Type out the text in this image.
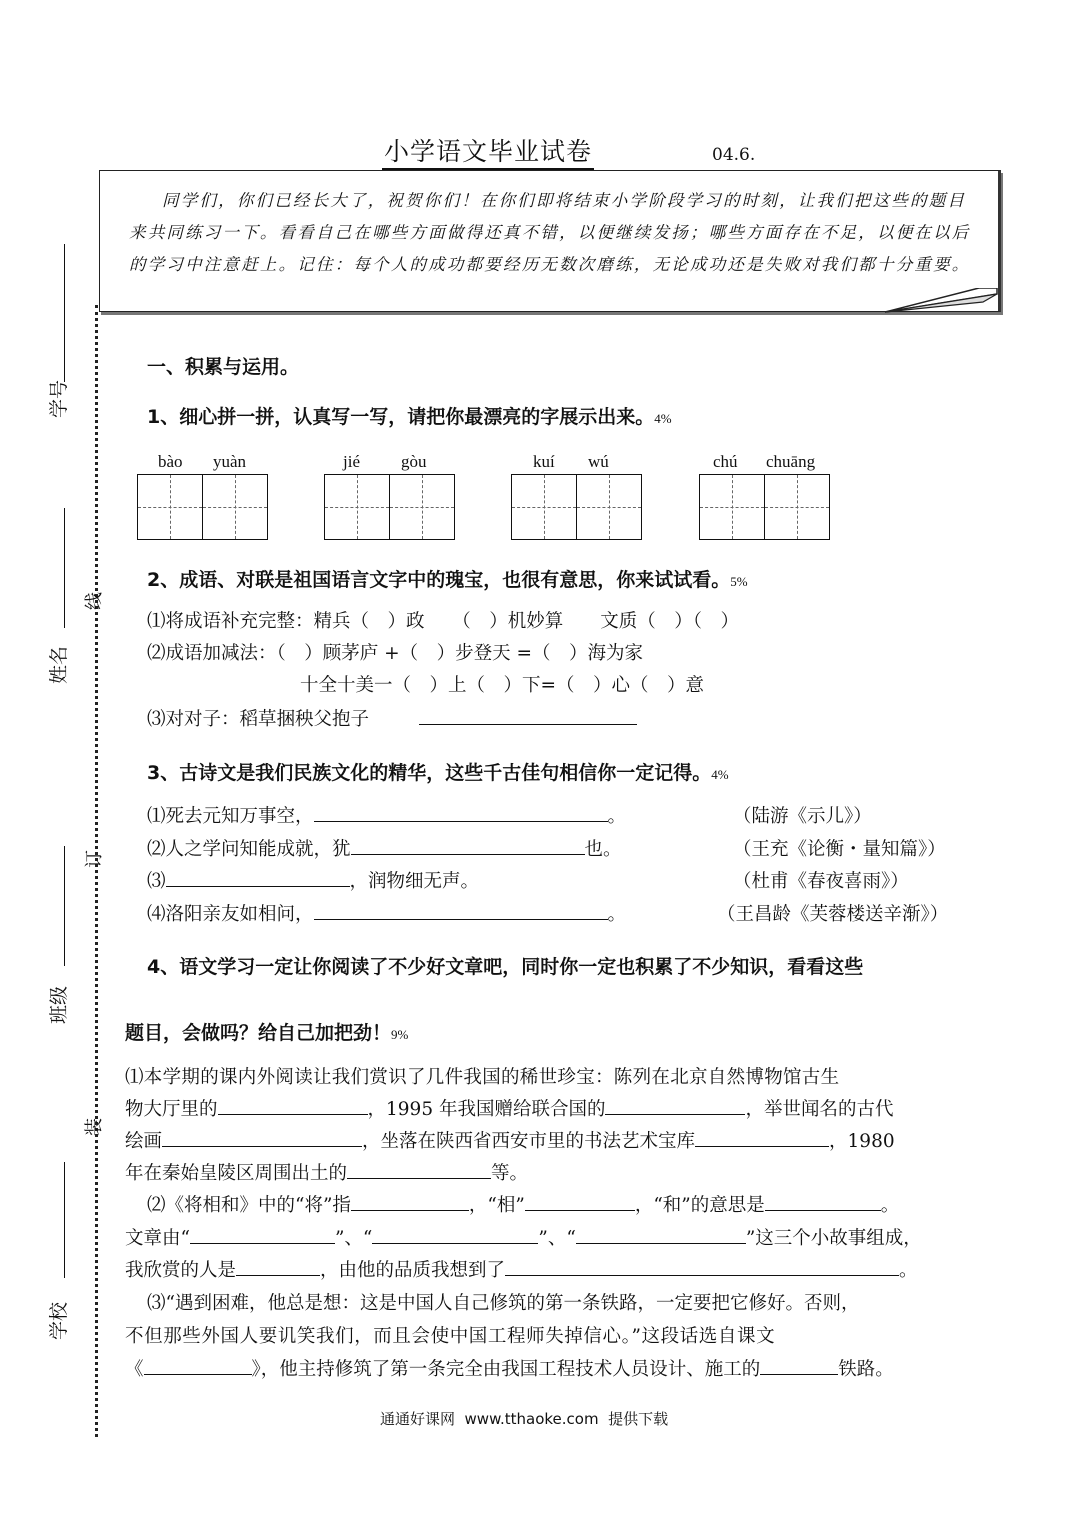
小学语文毕业试卷	04.6.
同学们，你们已经长大了，祝贺你们！在你们即将结束小学阶段学习的时刻，让我们把这些的题目来共同练习一下。看看自己在哪些方面做得还真不错，以便继续发扬；哪些方面存在不足，以便在以后的学习中注意赶上。记住：每个人的成功都要经历无数次磨练，无论成功还是失败对我们都十分重要。
学号
姓名
线
订
班级
装
学校
一、积累与运用。
1、细心拼一拼，认真写一写，请把你最漂亮的字展示出来。4%
bào yuàn	jié gòu	kuí wú	chú chuāng
2、成语、对联是祖国语言文字中的瑰宝，也很有意思，你来试试看。5%
⑴将成语补充完整：精兵（　）政　　（　）机妙算　　文质（　）（　）
⑵成语加减法：（　）顾茅庐 +（　）步登天 =（　）海为家
十全十美一（　）上（　）下=（　）心（　）意
⑶对对子：稻草捆秧父抱子
3、古诗文是我们民族文化的精华，这些千古佳句相信你一定记得。4%
⑴死去元知万事空，	。	（陆游《示儿》）
⑵人之学问知能成就，犹	也。	（王充《论衡・量知篇》）
⑶	，润物细无声。	（杜甫《春夜喜雨》）
⑷洛阳亲友如相问，	。	（王昌龄《芙蓉楼送辛渐》）
4、语文学习一定让你阅读了不少好文章吧，同时你一定也积累了不少知识，看看这些
题目，会做吗？给自己加把劲！9%
⑴本学期的课内外阅读让我们赏识了几件我国的稀世珍宝：陈列在北京自然博物馆古生
物大厅里的	，1995 年我国赠给联合国的	，举世闻名的古代
绘画	，坐落在陕西省西安市里的书法艺术宝库	，1980
年在秦始皇陵区周围出土的	等。
⑵《将相和》中的“将”指	，“相”	，“和”的意思是	。
文章由“	”、“	”、“	”这三个小故事组成，
我欣赏的人是	，由他的品质我想到了	。
⑶“遇到困难，他总是想：这是中国人自己修筑的第一条铁路，一定要把它修好。否则，
不但那些外国人要讥笑我们，而且会使中国工程师失掉信心。”这段话选自课文
《	》，他主持修筑了第一条完全由我国工程技术人员设计、施工的	铁路。
通通好课网  www.tthaoke.com  提供下载
